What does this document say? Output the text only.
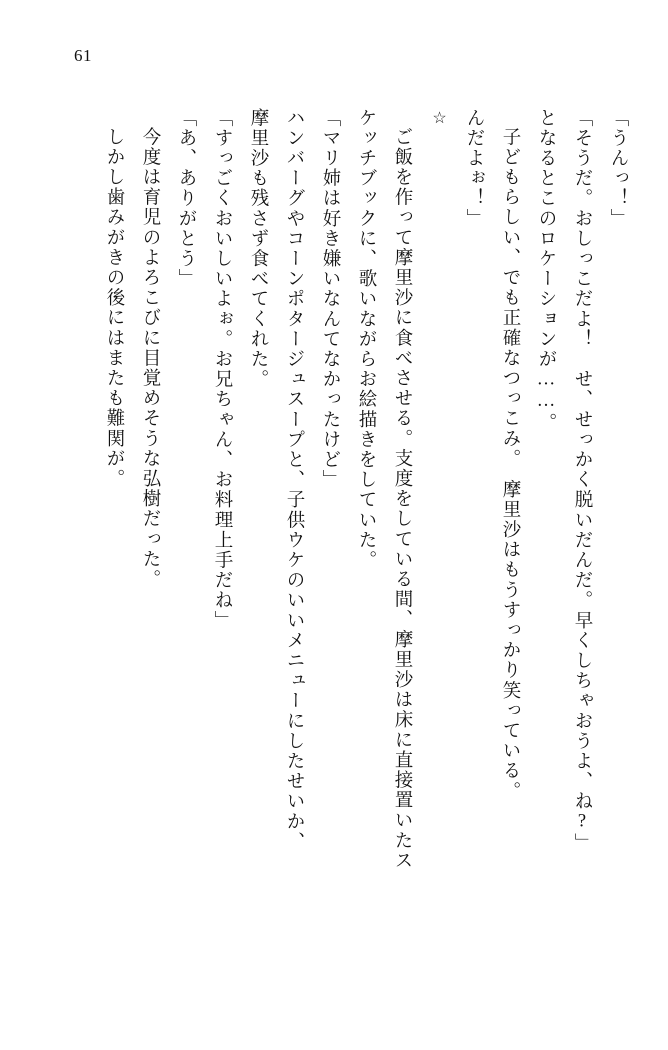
61
「うんっ！」
「そうだ。おしっこだよ！　せ、せっかく脱いだんだ。早くしちゃおうよ、ね?」
となるとこのロケーションが……。
子どもらしい、でも正確なつっこみ。　摩里沙はもうすっかり笑っている。
んだよぉ！」
☆
ご飯を作って摩里沙に食べさせる。支度をしている間、摩里沙は床に直接置いたス
ケッチブックに、歌いながらお絵描きをしていた。
「マリ姉は好き嫌いなんてなかったけど」
ハンバーグやコーンポタージュスープと、子供ウケのいいメニューにしたせいか、
摩里沙も残さず食べてくれた。
「すっごくおいしいよぉ。お兄ちゃん、お料理上手だね」
「あ、ありがとう」
今度は育児のよろこびに目覚めそうな弘樹だった。
しかし歯みがきの後にはまたも難関が。
